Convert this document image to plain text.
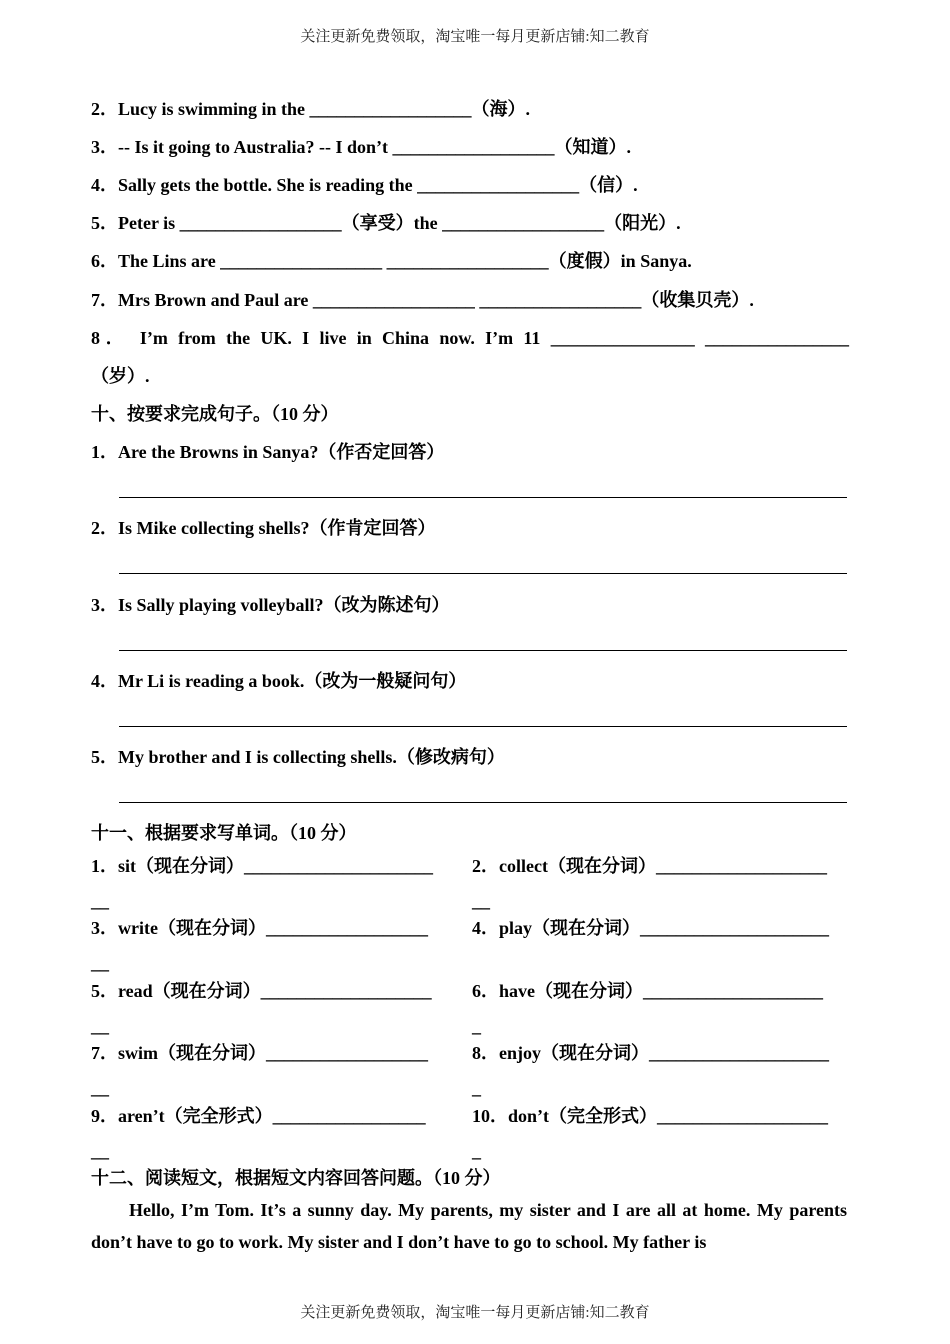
关注更新免费领取，淘宝唯一每月更新店铺:知二教育
2．Lucy is swimming in the __________________（海）.
3．-- Is it going to Australia? -- I don’t __________________（知道）.
4．Sally gets the bottle. She is reading the __________________（信）.
5．Peter is __________________（享受）the __________________（阳光）.
6．The Lins are __________________ __________________（度假）in Sanya.
7．Mrs Brown and Paul are __________________ __________________（收集贝壳）.
8． I’m from the UK. I live in China now. I’m 11 ________________ ________________
（岁）.
十、按要求完成句子。（10 分）
1．Are the Browns in Sanya?（作否定回答）
2．Is Mike collecting shells?（作肯定回答）
3．Is Sally playing volleyball?（改为陈述句）
4．Mr Li is reading a book.（改为一般疑问句）
5．My brother and I is collecting shells.（修改病句）
十一、根据要求写单词。（10 分）
1．sit（现在分词）_____________________	2．collect（现在分词）___________________
__	__
3．write（现在分词）__________________	4．play（现在分词）_____________________
__
5．read（现在分词）___________________	6．have（现在分词）____________________
__	_
7．swim（现在分词）__________________	8．enjoy（现在分词）____________________
__	_
9．aren’t（完全形式）_________________	10．don’t（完全形式）___________________
__	_
十二、阅读短文，根据短文内容回答问题。（10 分）
Hello, I’m Tom. It’s a sunny day. My parents, my sister and I are all at home. My parents don’t have to go to work. My sister and I don’t have to go to school. My father is
关注更新免费领取，淘宝唯一每月更新店铺:知二教育
